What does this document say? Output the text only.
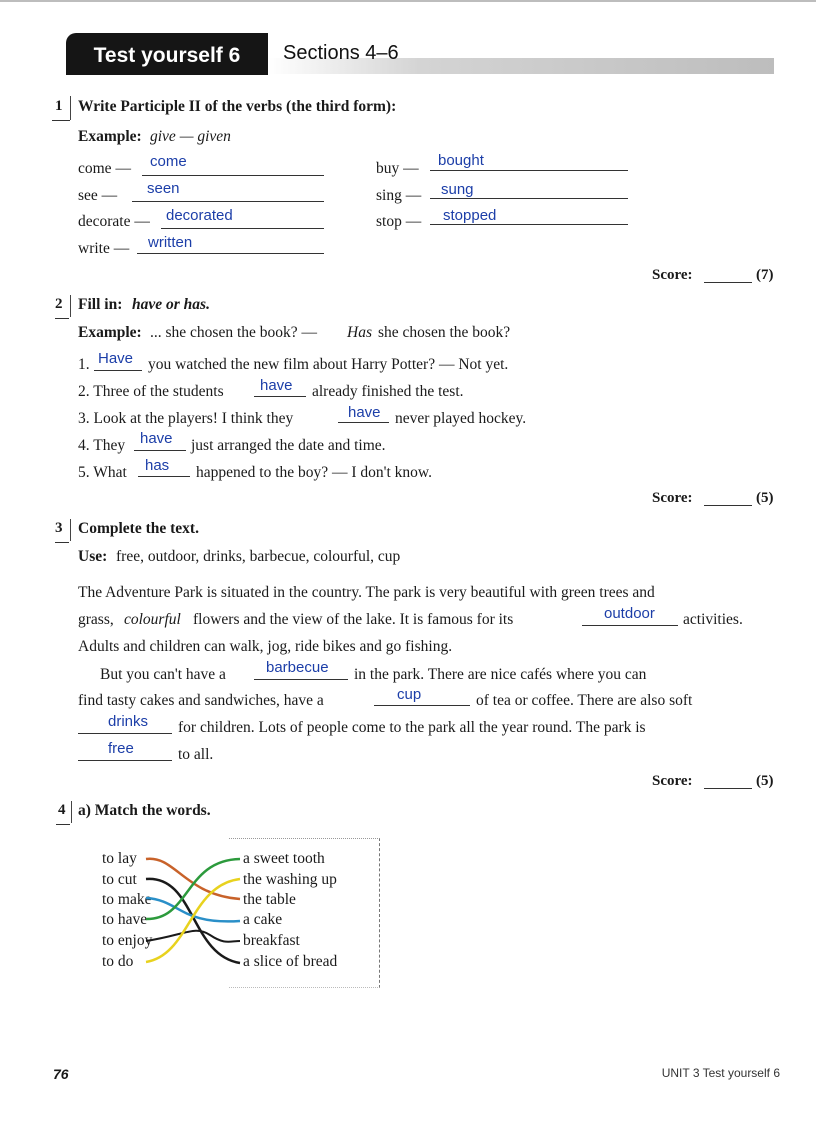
Test yourself 6	Sections 4–6
1 Write Participle II of the verbs (the third form):
Example: give — given
come — come
see — seen
decorate — decorated
write — written
buy — bought
sing — sung
stop — stopped
Score:	(7)
2 Fill in: have or has.
Example: ... she chosen the book? — Has she chosen the book?
1. Have you watched the new film about Harry Potter? — Not yet.
2. Three of the students have already finished the test.
3. Look at the players! I think they	have never played hockey.
4. They have just arranged the date and time.
5. What has happened to the boy? — I don't know.
Score:	(5)
3 Complete the text.
Use: free, outdoor, drinks, barbecue, colourful, cup
The Adventure Park is situated in the country. The park is very beautiful with green trees and
grass, colourful flowers and the view of the lake. It is famous for its	outdoor activities.
Adults and children can walk, jog, ride bikes and go fishing.
But you can't have a	barbecue in the park. There are nice cafés where you can
find tasty cakes and sandwiches, have a	cup	of tea or coffee. There are also soft
drinks for children. Lots of people come to the park all the year round. The park is
free	to all.
Score:	(5)
4 a) Match the words.
to lay
to cut
to make
to have
to enjoy
to do
a sweet tooth
the washing up
the table
a cake
breakfast
a slice of bread
76	UNIT 3 Test yourself 6
